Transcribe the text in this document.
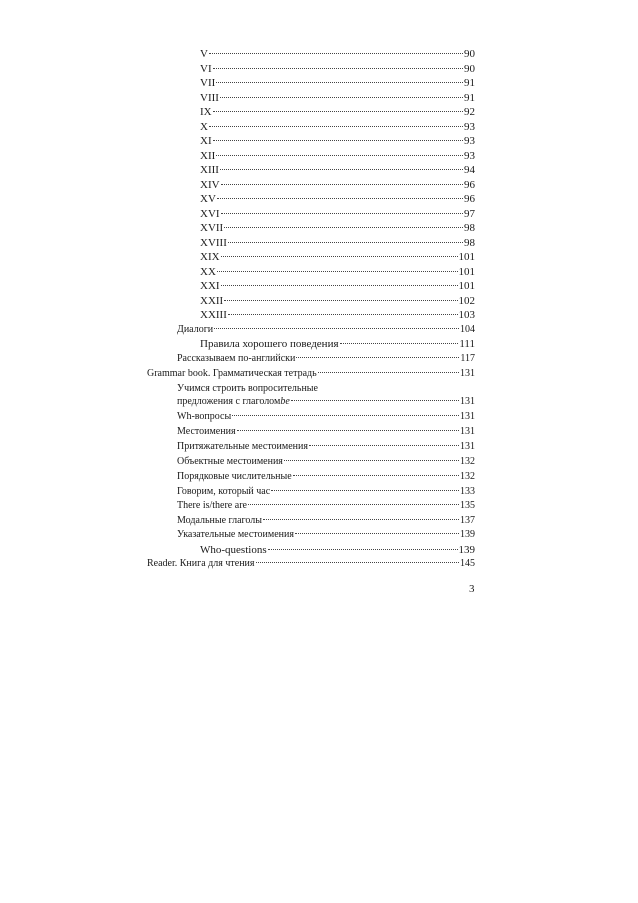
V	90
VI	90
VII	91
VIII	91
IX	92
X	93
XI	93
XII	93
XIII	94
XIV	96
XV	96
XVI	97
XVII	98
XVIII	98
XIX	101
XX	101
XXI	101
XXII	102
XXIII	103
Диалоги	104
Правила хорошего поведения	111
Рассказываем по-английски	117
Grammar book. Грамматическая тетрадь	131
Учимся строить вопросительные
предложения с глаголом be	131
Wh-вопросы	131
Местоимения	131
Притяжательные местоимения	131
Объектные местоимения	132
Порядковые числительные	132
Говорим, который час	133
There is/there are	135
Модальные глаголы	137
Указательные местоимения	139
Who-questions	139
Reader. Книга для чтения	145
3
